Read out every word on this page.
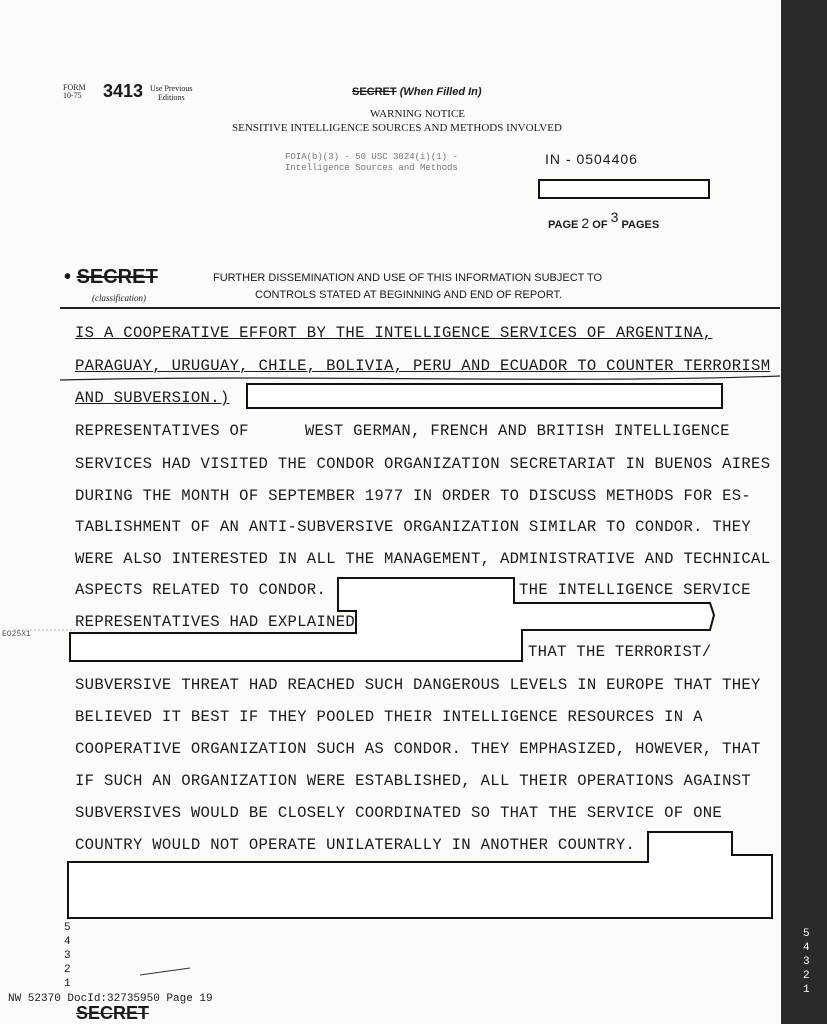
FORM
10-75 3413 Use Previous
Editions	SECRET (When Filled In)
WARNING NOTICE
SENSITIVE INTELLIGENCE SOURCES AND METHODS INVOLVED
FOIA(b)(3) - 50 USC 3024(i)(1) -
Intelligence Sources and Methods
IN - 0504406
PAGE 2 OF 3 PAGES
• SECRET
(classification)
FURTHER DISSEMINATION AND USE OF THIS INFORMATION SUBJECT TO
CONTROLS STATED AT BEGINNING AND END OF REPORT.
IS A COOPERATIVE EFFORT BY THE INTELLIGENCE SERVICES OF ARGENTINA,
PARAGUAY, URUGUAY, CHILE, BOLIVIA, PERU AND ECUADOR TO COUNTER TERRORISM
AND SUBVERSION.)
REPRESENTATIVES OF	WEST GERMAN, FRENCH AND BRITISH INTELLIGENCE
SERVICES HAD VISITED THE CONDOR ORGANIZATION SECRETARIAT IN BUENOS AIRES
DURING THE MONTH OF SEPTEMBER 1977 IN ORDER TO DISCUSS METHODS FOR ES-
TABLISHMENT OF AN ANTI-SUBVERSIVE ORGANIZATION SIMILAR TO CONDOR. THEY
WERE ALSO INTERESTED IN ALL THE MANAGEMENT, ADMINISTRATIVE AND TECHNICAL
ASPECTS RELATED TO CONDOR.	THE INTELLIGENCE SERVICE
REPRESENTATIVES HAD EXPLAINED
THAT THE TERRORIST/
SUBVERSIVE THREAT HAD REACHED SUCH DANGEROUS LEVELS IN EUROPE THAT THEY
BELIEVED IT BEST IF THEY POOLED THEIR INTELLIGENCE RESOURCES IN A
COOPERATIVE ORGANIZATION SUCH AS CONDOR. THEY EMPHASIZED, HOWEVER, THAT
IF SUCH AN ORGANIZATION WERE ESTABLISHED, ALL THEIR OPERATIONS AGAINST
SUBVERSIVES WOULD BE CLOSELY COORDINATED SO THAT THE SERVICE OF ONE
COUNTRY WOULD NOT OPERATE UNILATERALLY IN ANOTHER COUNTRY.
EO25X1
5
4
3
2
1
5
4
3
2
1
NW 52370 DocId:32735950 Page 19
SECRET
